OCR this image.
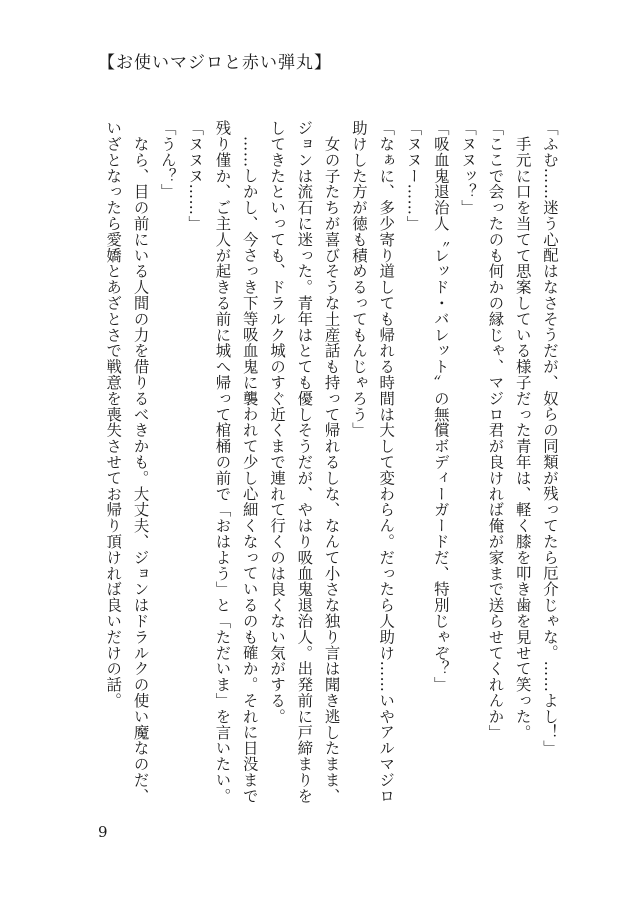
【お使いマジロと赤い弾丸】
「ふむ……迷う心配はなさそうだが、奴らの同類が残ってたら厄介じゃな。……よし！」
　手元に口を当てて思案している様子だった青年は、軽く膝を叩き歯を見せて笑った。
「ここで会ったのも何かの縁じゃ、マジロ君が良ければ俺が家まで送らせてくれんか」
「ヌヌッ？」
「吸血鬼退治人〝レッド・バレット〟の無償ボディーガードだ、特別じゃぞ？」
「ヌヌー……」
「なぁに、多少寄り道しても帰れる時間は大して変わらん。だったら人助け……いやアルマジロ
助けした方が徳も積めるってもんじゃろう」
　女の子たちが喜びそうな土産話も持って帰れるしな、なんて小さな独り言は聞き逃したまま、
ジョンは流石に迷った。青年はとても優しそうだが、やはり吸血鬼退治人。出発前に戸締まりを
してきたといっても、ドラルク城のすぐ近くまで連れて行くのは良くない気がする。
　……しかし、今さっき下等吸血鬼に襲われて少し心細くなっているのも確か。それに日没まで
残り僅か、ご主人が起きる前に城へ帰って棺桶の前で「おはよう」と「ただいま」を言いたい。
「ヌヌヌ……」
「うん？」
　なら、目の前にいる人間の力を借りるべきかも。大丈夫、ジョンはドラルクの使い魔なのだ、
いざとなったら愛嬌とあざとさで戦意を喪失させてお帰り頂ければ良いだけの話。
9
